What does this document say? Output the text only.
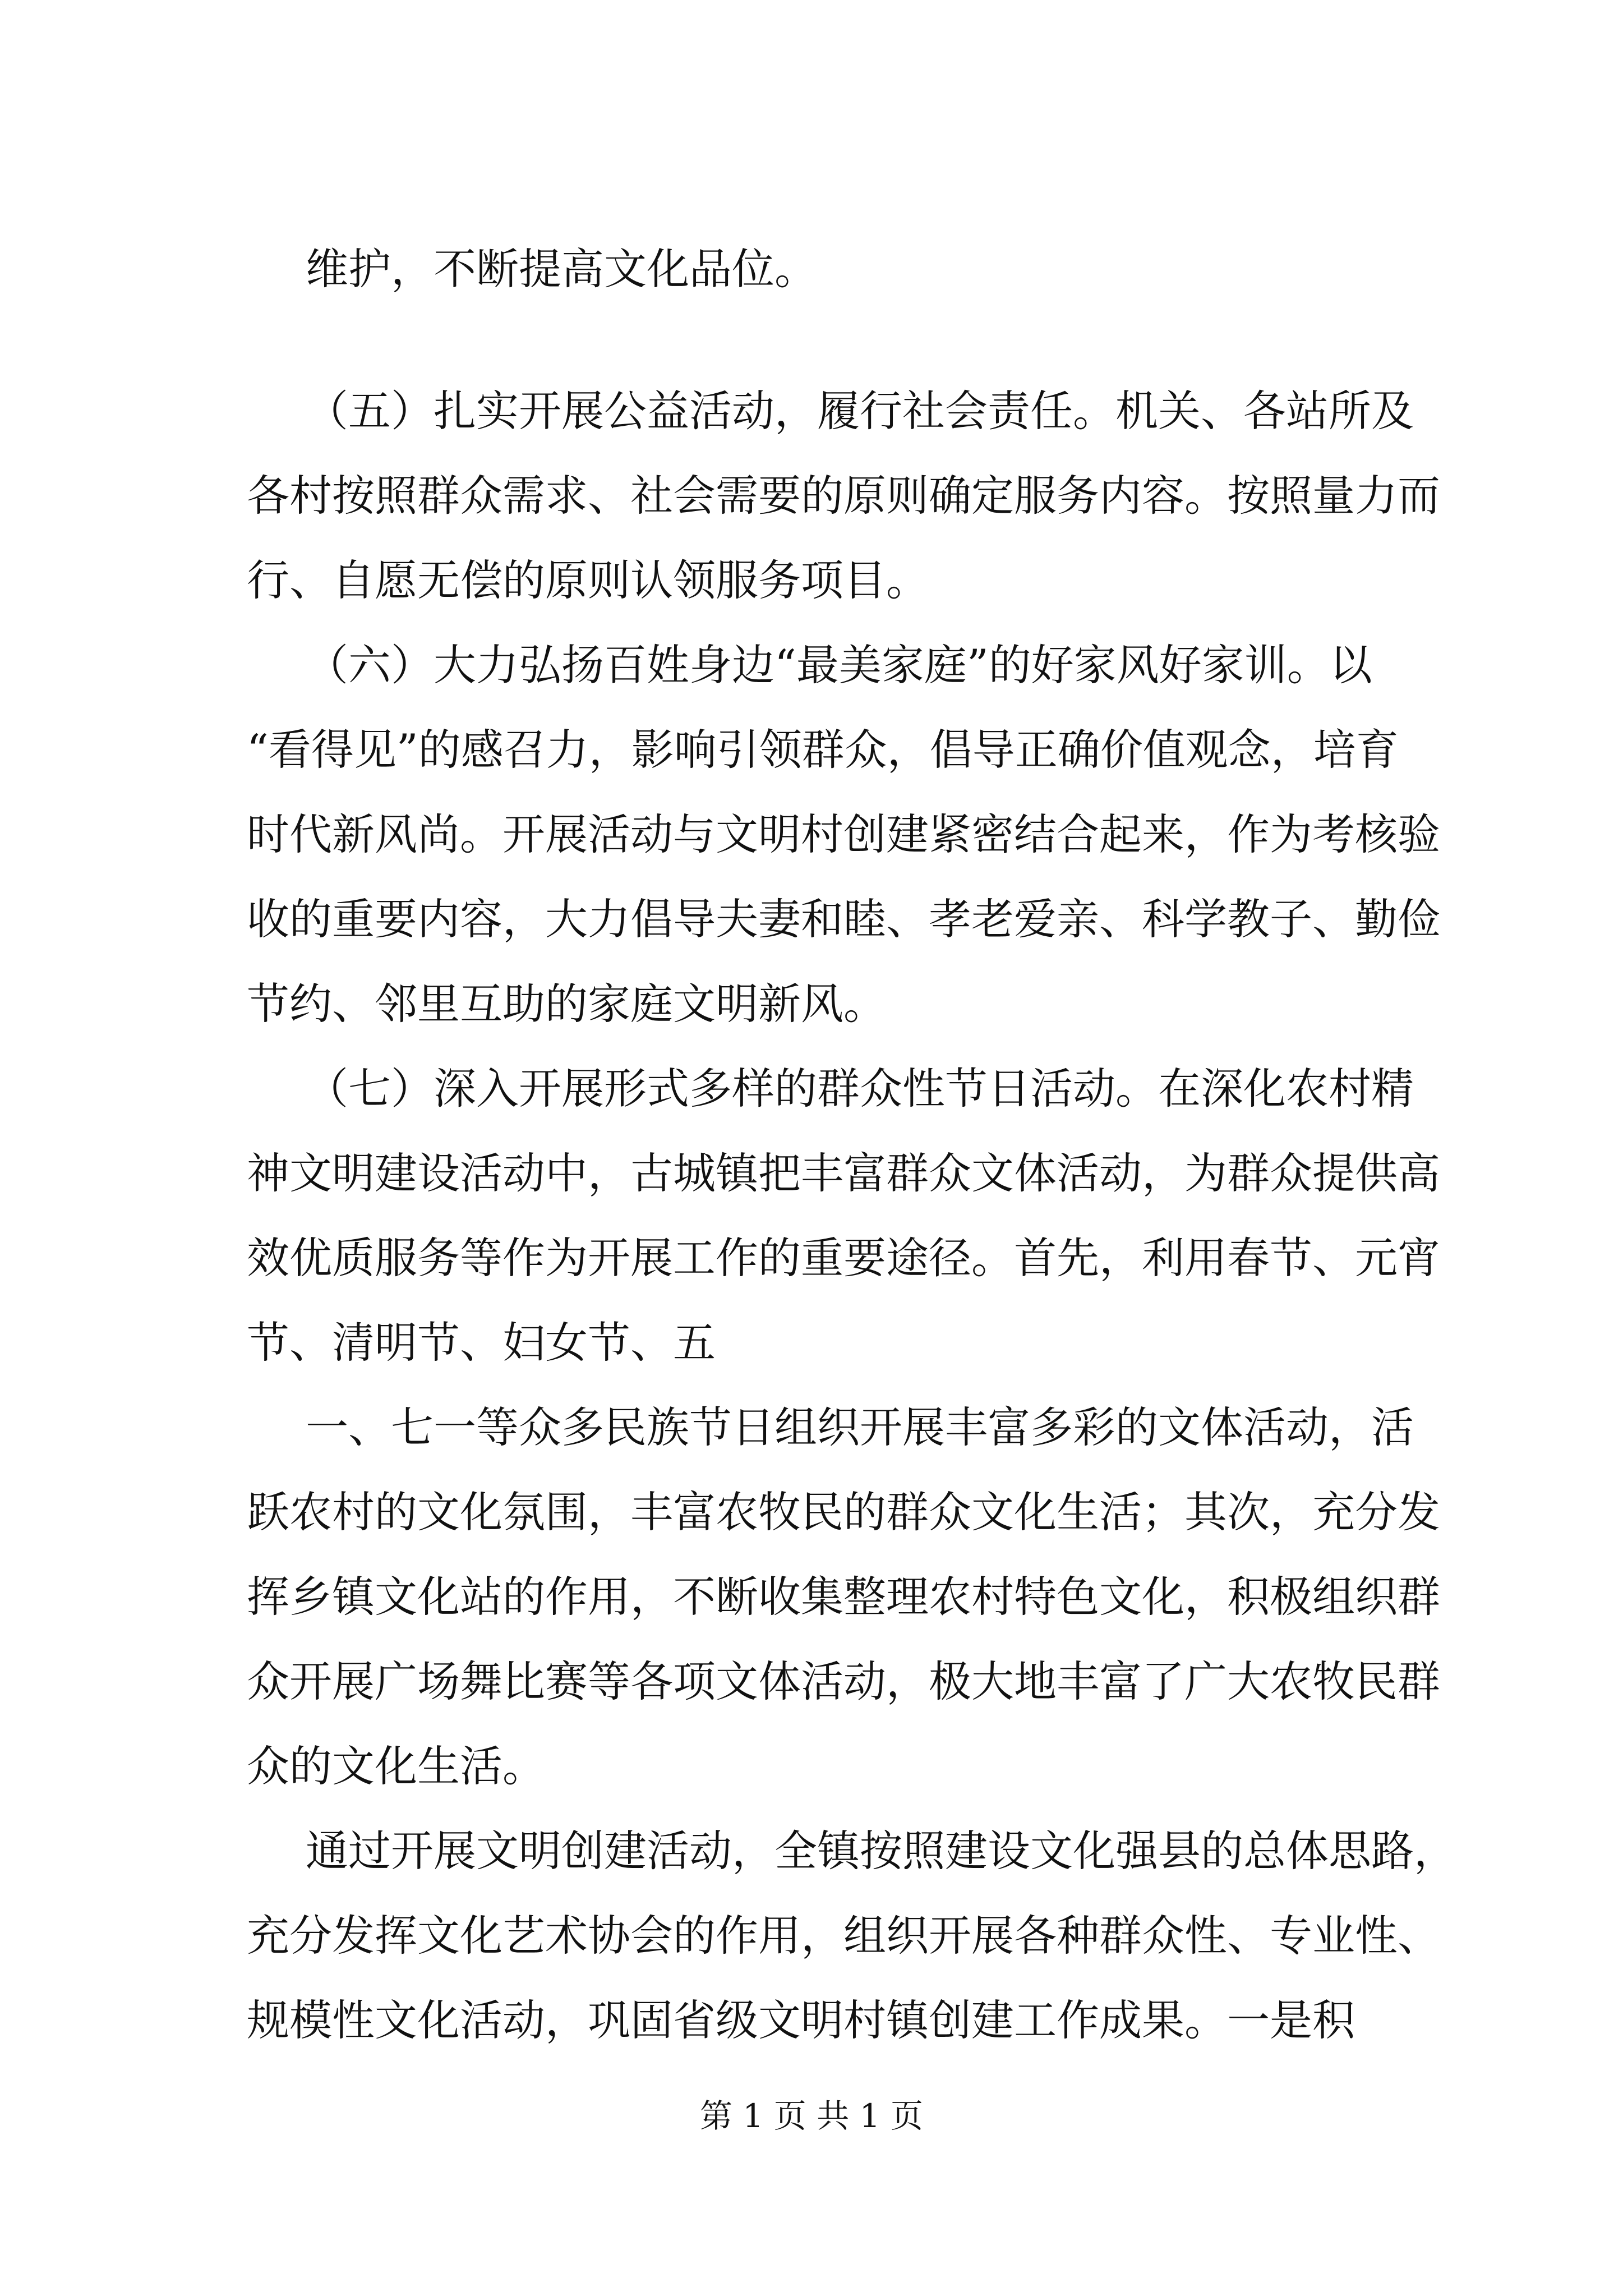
维护，不断提高文化品位。
（五）扎实开展公益活动，履行社会责任。机关、各站所及
各村按照群众需求、社会需要的原则确定服务内容。按照量力而
行、自愿无偿的原则认领服务项目。
（六）大力弘扬百姓身边“最美家庭”的好家风好家训。以
“看得见”的感召力，影响引领群众，倡导正确价值观念，培育
时代新风尚。开展活动与文明村创建紧密结合起来，作为考核验
收的重要内容，大力倡导夫妻和睦、孝老爱亲、科学教子、勤俭
节约、邻里互助的家庭文明新风。
（七）深入开展形式多样的群众性节日活动。在深化农村精
神文明建设活动中，古城镇把丰富群众文体活动，为群众提供高
效优质服务等作为开展工作的重要途径。首先，利用春节、元宵
节、清明节、妇女节、五
一、七一等众多民族节日组织开展丰富多彩的文体活动，活
跃农村的文化氛围，丰富农牧民的群众文化生活；其次，充分发
挥乡镇文化站的作用，不断收集整理农村特色文化，积极组织群
众开展广场舞比赛等各项文体活动，极大地丰富了广大农牧民群
众的文化生活。
通过开展文明创建活动，全镇按照建设文化强县的总体思路，
充分发挥文化艺术协会的作用，组织开展各种群众性、专业性、
规模性文化活动，巩固省级文明村镇创建工作成果。一是积
第 1 页 共 1 页
